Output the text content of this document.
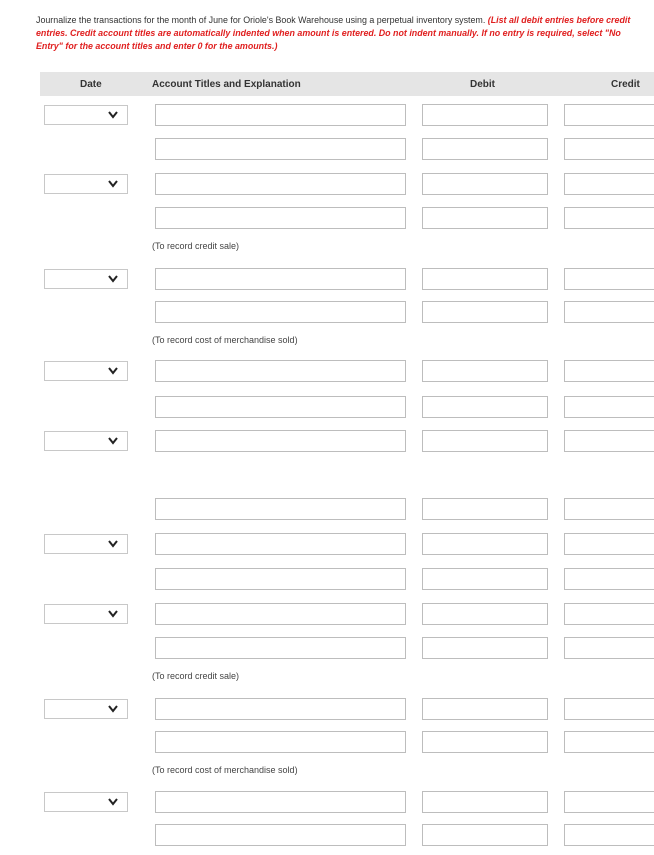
Journalize the transactions for the month of June for Oriole's Book Warehouse using a perpetual inventory system. (List all debit entries before credit entries. Credit account titles are automatically indented when amount is entered. Do not indent manually. If no entry is required, select "No Entry" for the account titles and enter 0 for the amounts.)
Date	Account Titles and Explanation	Debit	Credit
(To record credit sale)
(To record cost of merchandise sold)
(To record credit sale)
(To record cost of merchandise sold)
